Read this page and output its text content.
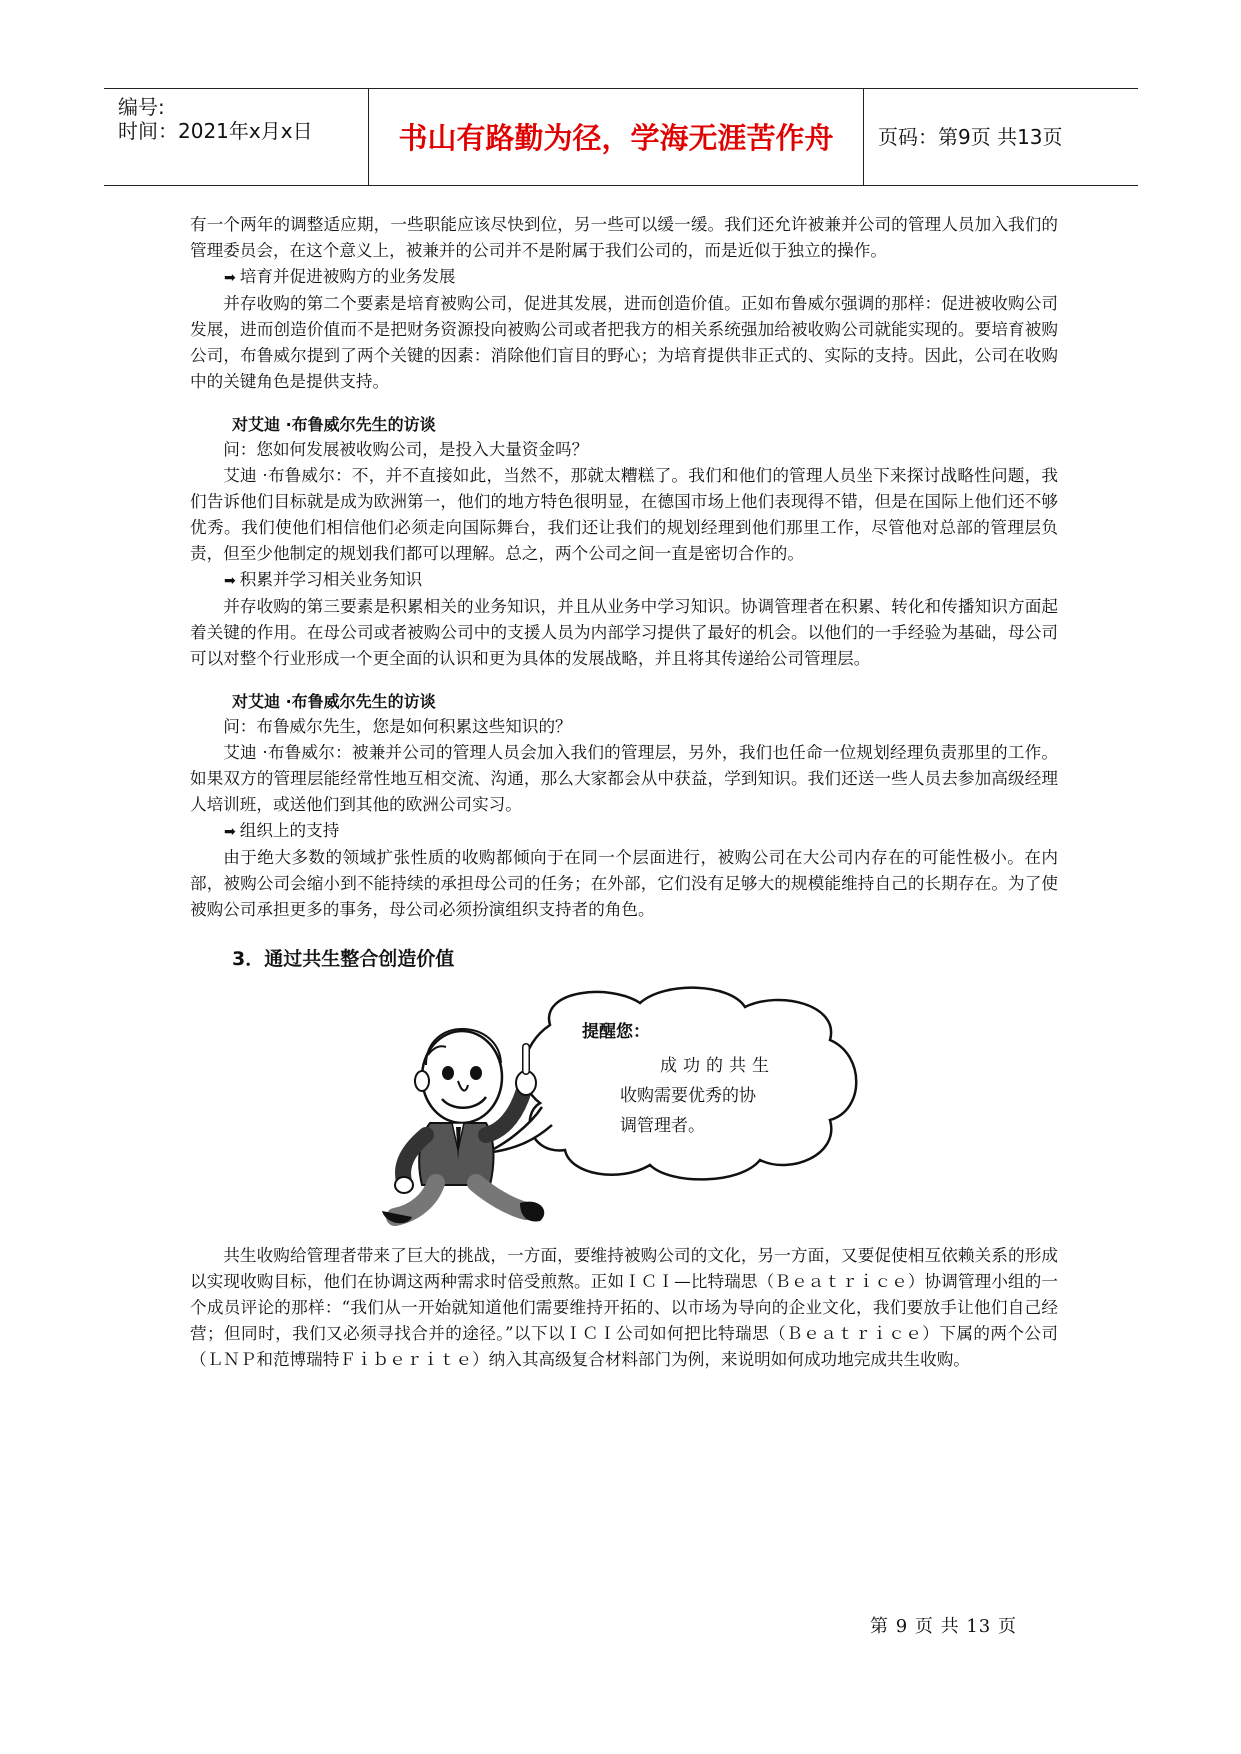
编号:
时间：2021年x月x日	书山有路勤为径，学海无涯苦作舟	页码：第9页 共13页

有一个两年的调整适应期，一些职能应该尽快到位，另一些可以缓一缓。我们还允许被兼并公司的管理人员加入我们的管理委员会，在这个意义上，被兼并的公司并不是附属于我们公司的，而是近似于独立的操作。

➡ 培育并促进被购方的业务发展

并存收购的第二个要素是培育被购公司，促进其发展，进而创造价值。正如布鲁威尔强调的那样：促进被收购公司发展，进而创造价值而不是把财务资源投向被购公司或者把我方的相关系统强加给被收购公司就能实现的。要培育被购公司，布鲁威尔提到了两个关键的因素：消除他们盲目的野心；为培育提供非正式的、实际的支持。因此，公司在收购中的关键角色是提供支持。

对艾迪 ·布鲁威尔先生的访谈

问：您如何发展被收购公司，是投入大量资金吗？

艾迪 ·布鲁威尔：不，并不直接如此，当然不，那就太糟糕了。我们和他们的管理人员坐下来探讨战略性问题，我们告诉他们目标就是成为欧洲第一，他们的地方特色很明显，在德国市场上他们表现得不错，但是在国际上他们还不够优秀。我们使他们相信他们必须走向国际舞台，我们还让我们的规划经理到他们那里工作，尽管他对总部的管理层负责，但至少他制定的规划我们都可以理解。总之，两个公司之间一直是密切合作的。

➡ 积累并学习相关业务知识

并存收购的第三要素是积累相关的业务知识，并且从业务中学习知识。协调管理者在积累、转化和传播知识方面起着关键的作用。在母公司或者被购公司中的支援人员为内部学习提供了最好的机会。以他们的一手经验为基础，母公司可以对整个行业形成一个更全面的认识和更为具体的发展战略，并且将其传递给公司管理层。

对艾迪 ·布鲁威尔先生的访谈

问：布鲁威尔先生，您是如何积累这些知识的？

艾迪 ·布鲁威尔：被兼并公司的管理人员会加入我们的管理层，另外，我们也任命一位规划经理负责那里的工作。如果双方的管理层能经常性地互相交流、沟通，那么大家都会从中获益，学到知识。我们还送一些人员去参加高级经理人培训班，或送他们到其他的欧洲公司实习。

➡ 组织上的支持

由于绝大多数的领域扩张性质的收购都倾向于在同一个层面进行，被购公司在大公司内存在的可能性极小。在内部，被购公司会缩小到不能持续的承担母公司的任务；在外部，它们没有足够大的规模能维持自己的长期存在。为了使被购公司承担更多的事务，母公司必须扮演组织支持者的角色。

3．通过共生整合创造价值
提醒您：
成功的共生
收购需要优秀的协
调管理者。

共生收购给管理者带来了巨大的挑战，一方面，要维持被购公司的文化，另一方面，又要促使相互依赖关系的形成以实现收购目标，他们在协调这两种需求时倍受煎熬。正如ＩＣＩ—比特瑞思（Ｂｅａｔｒｉｃｅ）协调管理小组的一个成员评论的那样：“我们从一开始就知道他们需要维持开拓的、以市场为导向的企业文化，我们要放手让他们自己经营；但同时，我们又必须寻找合并的途径。”以下以ＩＣＩ公司如何把比特瑞思（Ｂｅａｔｒｉｃｅ）下属的两个公司（ＬＮＰ和范博瑞特Ｆｉｂｅｒｉｔｅ）纳入其高级复合材料部门为例，来说明如何成功地完成共生收购。

第 9 页 共 13 页
